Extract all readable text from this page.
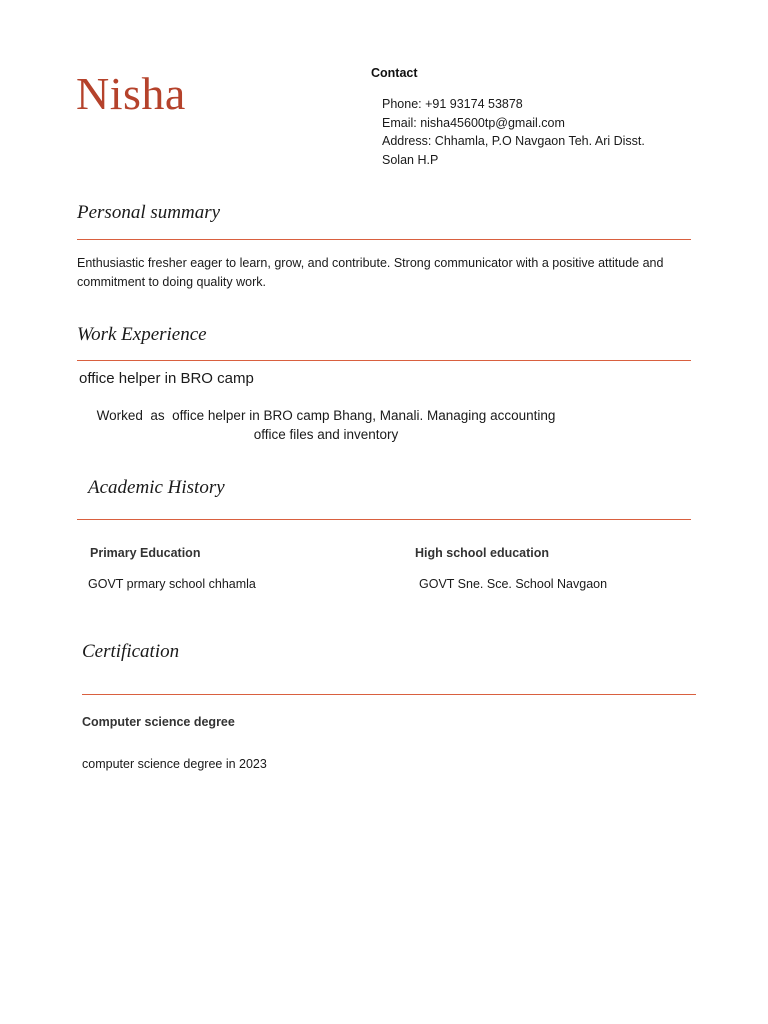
Nisha	Contact
Phone: +91 93174 53878
Email: nisha45600tp@gmail.com
Address: Chhamla, P.O Navgaon Teh. Ari Disst.
Solan H.P
Personal summary
Enthusiastic fresher eager to learn, grow, and contribute. Strong communicator with a positive attitude and commitment to doing quality work.
Work Experience
office helper in BRO camp
Worked  as  office helper in BRO camp Bhang, Manali. Managing accounting
office files and inventory
Academic History
Primary Education
GOVT prmary school chhamla
High school education
GOVT Sne. Sce. School Navgaon
Certification
Computer science degree
computer science degree in 2023
